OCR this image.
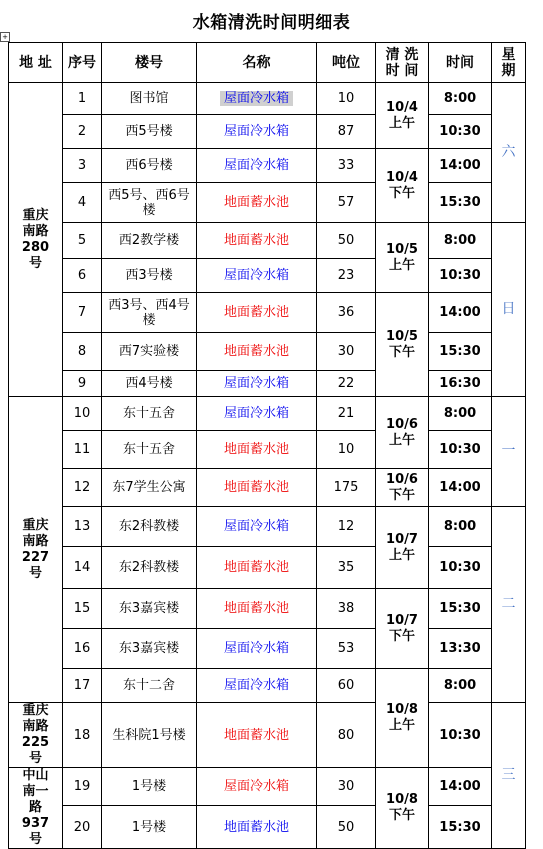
水箱清洗时间明细表
+
地 址	序号	楼号	名称	吨位	清 洗 时 间	时间	星期
重庆南路280号	1	图书馆	屋面冷水箱	10	10/4上午	8:00	六
	2	西5号楼	屋面冷水箱	87		10:30	
	3	西6号楼	屋面冷水箱	33	10/4下午	14:00	
	4	西5号、西6号楼	地面蓄水池	57		15:30	
	5	西2教学楼	地面蓄水池	50	10/5上午	8:00	日
	6	西3号楼	屋面冷水箱	23		10:30	
	7	西3号、西4号楼	地面蓄水池	36	10/5下午	14:00	
	8	西7实验楼	地面蓄水池	30		15:30	
	9	西4号楼	屋面冷水箱	22		16:30	
重庆南路227号	10	东十五舍	屋面冷水箱	21	10/6上午	8:00	一
	11	东十五舍	地面蓄水池	10		10:30	
	12	东7学生公寓	地面蓄水池	175	10/6下午	14:00	
	13	东2科教楼	屋面冷水箱	12	10/7上午	8:00	二
	14	东2科教楼	地面蓄水池	35		10:30	
	15	东3嘉宾楼	地面蓄水池	38	10/7下午	15:30	
	16	东3嘉宾楼	屋面冷水箱	53		13:30	
	17	东十二舍	屋面冷水箱	60	10/8上午	8:00	
重庆南路225号	18	生科院1号楼	地面蓄水池	80		10:30	三
中山南一路937号	19	1号楼	屋面冷水箱	30	10/8下午	14:00	
	20	1号楼	地面蓄水池	50		15:30	
